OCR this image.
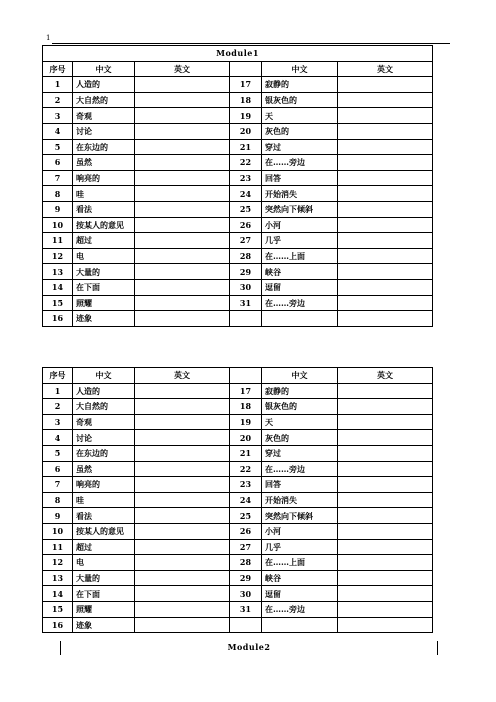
1
Module1					
序号	中文	英文		中文	英文
1	人造的		17	寂静的	
2	大自然的		18	银灰色的	
3	奇观		19	天	
4	讨论		20	灰色的	
5	在东边的		21	穿过	
6	虽然		22	在……旁边	
7	响亮的		23	回答	
8	哇		24	开始消失	
9	看法		25	突然向下倾斜	
10	按某人的意见		26	小河	
11	超过		27	几乎	
12	电		28	在……上面	
13	大量的		29	峡谷	
14	在下面		30	逗留	
15	照耀		31	在……旁边	
16	迹象				
序号	中文	英文		中文	英文
1	人造的		17	寂静的	
2	大自然的		18	银灰色的	
3	奇观		19	天	
4	讨论		20	灰色的	
5	在东边的		21	穿过	
6	虽然		22	在……旁边	
7	响亮的		23	回答	
8	哇		24	开始消失	
9	看法		25	突然向下倾斜	
10	按某人的意见		26	小河	
11	超过		27	几乎	
12	电		28	在……上面	
13	大量的		29	峡谷	
14	在下面		30	逗留	
15	照耀		31	在……旁边	
16	迹象				
Module2
